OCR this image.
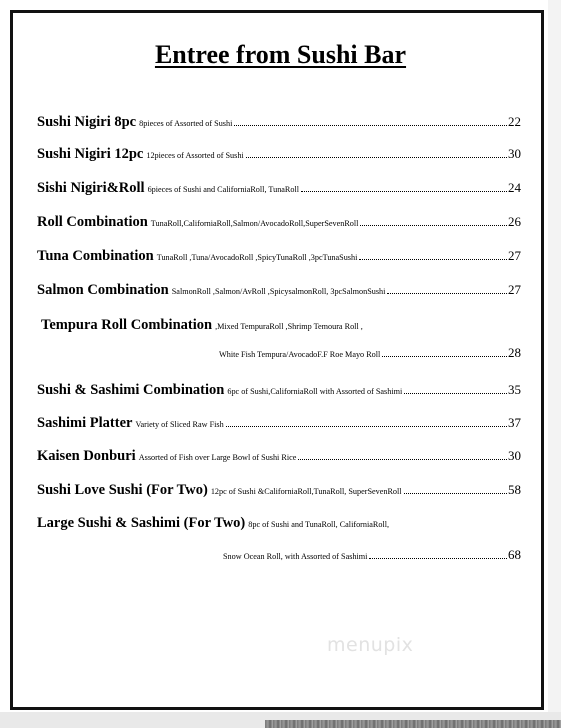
Entree from Sushi Bar
Sushi Nigiri 8pc 8pieces of Assorted of Sushi	22
Sushi Nigiri 12pc 12pieces of Assorted of Sushi	30
Sishi Nigiri&Roll 6pieces of Sushi and CaliforniaRoll, TunaRoll	24
Roll Combination TunaRoll,CaliforniaRoll,Salmon/AvocadoRoll,SuperSevenRoll	26
Tuna Combination TunaRoll ,Tuna/AvocadoRoll ,SpicyTunaRoll ,3pcTunaSushi	27
Salmon Combination SalmonRoll ,Salmon/AvRoll ,SpicysalmonRoll, 3pcSalmonSushi	27
Tempura Roll Combination ,Mixed TempuraRoll ,Shrimp Temoura Roll ,
White Fish Tempura/AvocadoF.F Roe Mayo Roll	28
Sushi & Sashimi Combination 6pc of Sushi,CaliforniaRoll with Assorted of Sashimi	35
Sashimi Platter Variety of Sliced Raw Fish	37
Kaisen Donburi Assorted of Fish over Large Bowl of Sushi Rice	30
Sushi Love Sushi (For Two) 12pc of Sushi &CaliforniaRoll,TunaRoll, SuperSevenRoll	58
Large Sushi & Sashimi (For Two) 8pc of Sushi and TunaRoll, CaliforniaRoll,
Snow Ocean Roll, with Assorted of Sashimi	68
menupix
